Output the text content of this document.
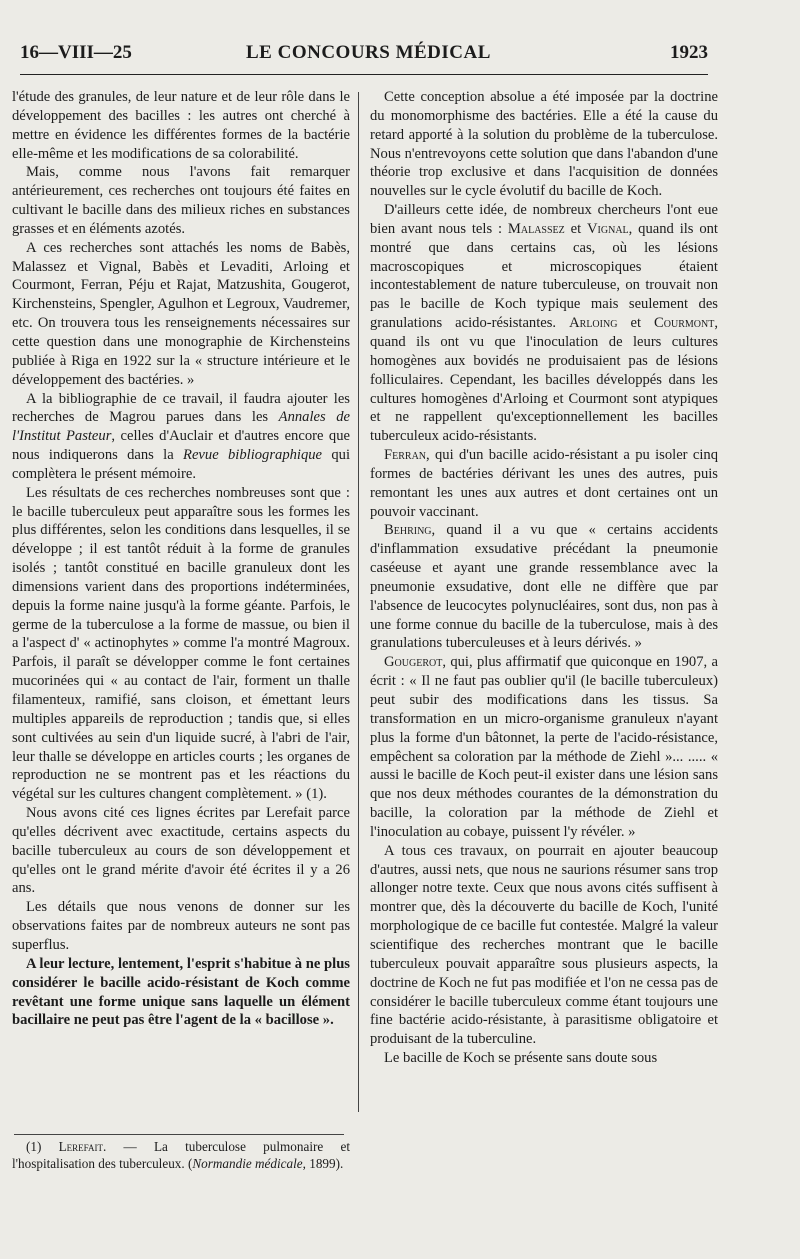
16—VIII—25	LE CONCOURS MÉDICAL	1923

l'étude des granules, de leur nature et de leur rôle dans le développement des bacilles : les autres ont cherché à mettre en évidence les différentes formes de la bactérie elle-même et les modifications de sa colorabilité.

Mais, comme nous l'avons fait remarquer antérieurement, ces recherches ont toujours été faites en cultivant le bacille dans des milieux riches en substances grasses et en éléments azotés.

A ces recherches sont attachés les noms de Babès, Malassez et Vignal, Babès et Levaditi, Arloing et Courmont, Ferran, Péju et Rajat, Matzushita, Gougerot, Kirchensteins, Spengler, Agulhon et Legroux, Vaudremer, etc. On trouvera tous les renseignements nécessaires sur cette question dans une monographie de Kirchensteins publiée à Riga en 1922 sur la « structure intérieure et le développement des bactéries. »

A la bibliographie de ce travail, il faudra ajouter les recherches de Magrou parues dans les Annales de l'Institut Pasteur, celles d'Auclair et d'autres encore que nous indiquerons dans la Revue bibliographique qui complètera le présent mémoire.

Les résultats de ces recherches nombreuses sont que : le bacille tuberculeux peut apparaître sous les formes les plus différentes, selon les conditions dans lesquelles, il se développe ; il est tantôt réduit à la forme de granules isolés ; tantôt constitué en bacille granuleux dont les dimensions varient dans des proportions indéterminées, depuis la forme naine jusqu'à la forme géante. Parfois, le germe de la tuberculose a la forme de massue, ou bien il a l'aspect d' « actinophytes » comme l'a montré Magroux. Parfois, il paraît se développer comme le font certaines mucorinées qui « au contact de l'air, forment un thalle filamenteux, ramifié, sans cloison, et émettant leurs multiples appareils de reproduction ; tandis que, si elles sont cultivées au sein d'un liquide sucré, à l'abri de l'air, leur thalle se développe en articles courts ; les organes de reproduction ne se montrent pas et les réactions du végétal sur les cultures changent complètement. » (1).

Nous avons cité ces lignes écrites par Lerefait parce qu'elles décrivent avec exactitude, certains aspects du bacille tuberculeux au cours de son développement et qu'elles ont le grand mérite d'avoir été écrites il y a 26 ans.

Les détails que nous venons de donner sur les observations faites par de nombreux auteurs ne sont pas superflus.

A leur lecture, lentement, l'esprit s'habitue à ne plus considérer le bacille acido-résistant de Koch comme revêtant une forme unique sans laquelle un élément bacillaire ne peut pas être l'agent de la « bacillose ».

(1) Lerefait. — La tuberculose pulmonaire et l'hospitalisation des tuberculeux. (Normandie médicale, 1899).

Cette conception absolue a été imposée par la doctrine du monomorphisme des bactéries. Elle a été la cause du retard apporté à la solution du problème de la tuberculose. Nous n'entrevoyons cette solution que dans l'abandon d'une théorie trop exclusive et dans l'acquisition de données nouvelles sur le cycle évolutif du bacille de Koch.

D'ailleurs cette idée, de nombreux chercheurs l'ont eue bien avant nous tels : Malassez et Vignal, quand ils ont montré que dans certains cas, où les lésions macroscopiques et microscopiques étaient incontestablement de nature tuberculeuse, on trouvait non pas le bacille de Koch typique mais seulement des granulations acido-résistantes. Arloing et Courmont, quand ils ont vu que l'inoculation de leurs cultures homogènes aux bovidés ne produisaient pas de lésions folliculaires. Cependant, les bacilles développés dans les cultures homogènes d'Arloing et Courmont sont atypiques et ne rappellent qu'exceptionnellement les bacilles tuberculeux acido-résistants.

Ferran, qui d'un bacille acido-résistant a pu isoler cinq formes de bactéries dérivant les unes des autres, puis remontant les unes aux autres et dont certaines ont un pouvoir vaccinant.

Behring, quand il a vu que « certains accidents d'inflammation exsudative précédant la pneumonie caséeuse et ayant une grande ressemblance avec la pneumonie exsudative, dont elle ne diffère que par l'absence de leucocytes polynucléaires, sont dus, non pas à une forme connue du bacille de la tuberculose, mais à des granulations tuberculeuses et à leurs dérivés. »

Gougerot, qui, plus affirmatif que quiconque en 1907, a écrit : « Il ne faut pas oublier qu'il (le bacille tuberculeux) peut subir des modifications dans les tissus. Sa transformation en un micro-organisme granuleux n'ayant plus la forme d'un bâtonnet, la perte de l'acido-résistance, empêchent sa coloration par la méthode de Ziehl »... ..... « aussi le bacille de Koch peut-il exister dans une lésion sans que nos deux méthodes courantes de la démonstration du bacille, la coloration par la méthode de Ziehl et l'inoculation au cobaye, puissent l'y révéler. »

A tous ces travaux, on pourrait en ajouter beaucoup d'autres, aussi nets, que nous ne saurions résumer sans trop allonger notre texte. Ceux que nous avons cités suffisent à montrer que, dès la découverte du bacille de Koch, l'unité morphologique de ce bacille fut contestée. Malgré la valeur scientifique des recherches montrant que le bacille tuberculeux pouvait apparaître sous plusieurs aspects, la doctrine de Koch ne fut pas modifiée et l'on ne cessa pas de considérer le bacille tuberculeux comme étant toujours une fine bactérie acido-résistante, à parasitisme obligatoire et produisant de la tuberculine.

Le bacille de Koch se présente sans doute sous
